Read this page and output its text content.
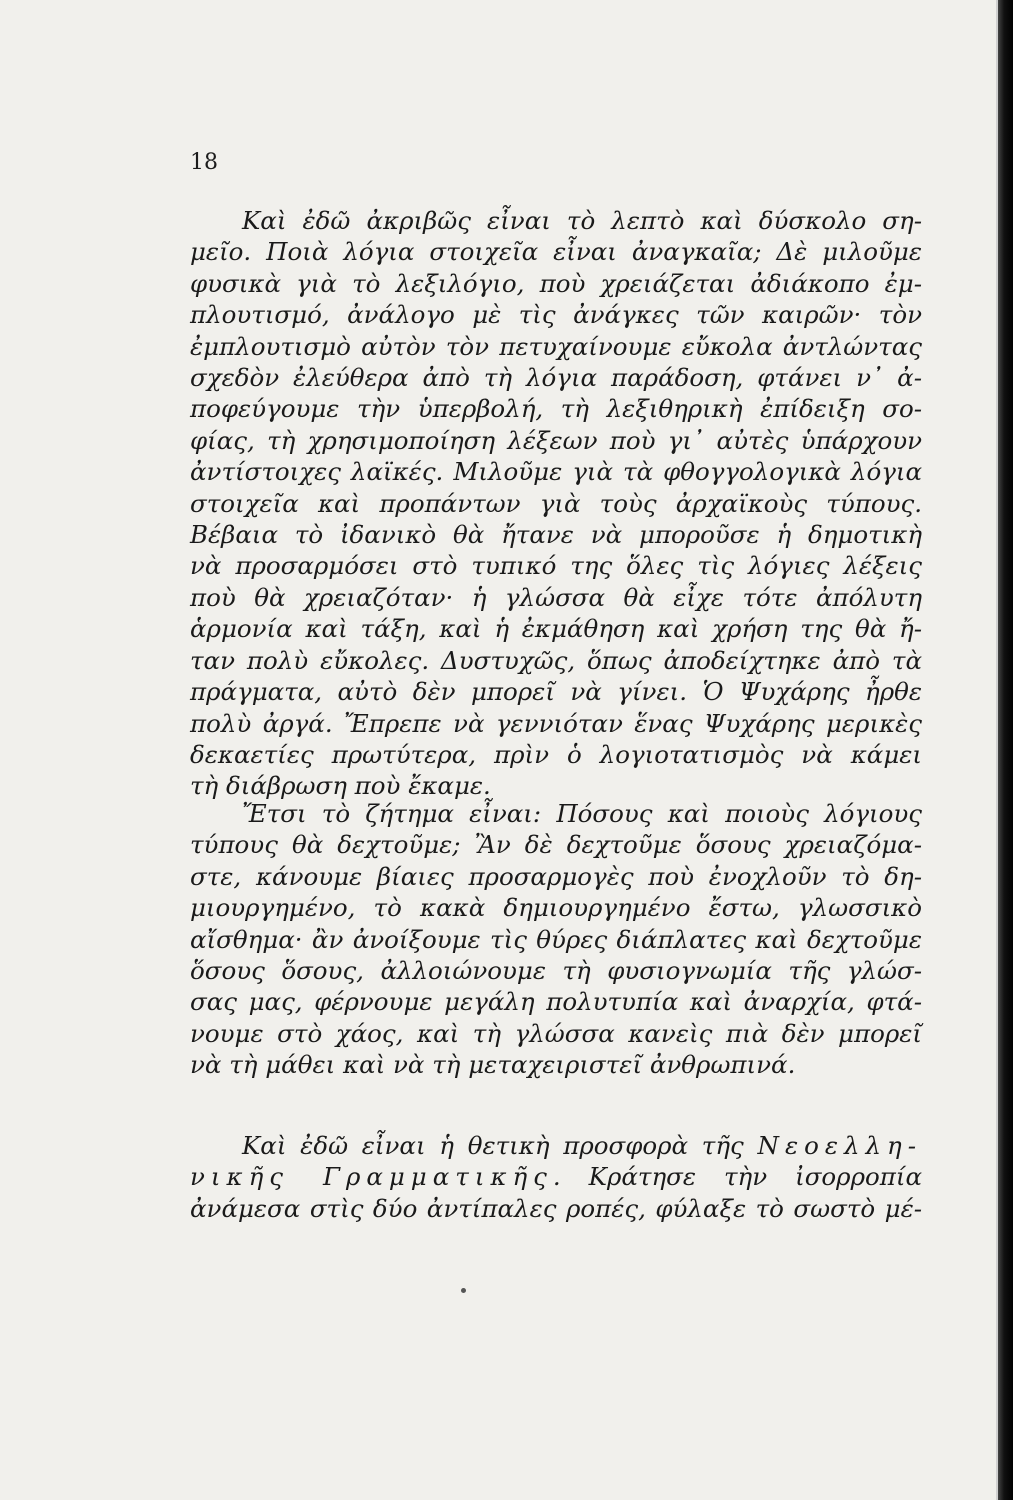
18
Καὶ ἐδῶ ἀκριβῶς εἶναι τὸ λεπτὸ καὶ δύσκολο ση-
μεῖο. Ποιὰ λόγια στοιχεῖα εἶναι ἀναγκαῖα; Δὲ μιλοῦμε
φυσικὰ γιὰ τὸ λεξιλόγιο, ποὺ χρειάζεται ἀδιάκοπο ἐμ-
πλουτισμό, ἀνάλογο μὲ τὶς ἀνάγκες τῶν καιρῶν· τὸν
ἐμπλουτισμὸ αὐτὸν τὸν πετυχαίνουμε εὔκολα ἀντλώντας
σχεδὸν ἐλεύθερα ἀπὸ τὴ λόγια παράδοση, φτάνει ν᾽ ἀ-
ποφεύγουμε τὴν ὑπερβολή, τὴ λεξιθηρικὴ ἐπίδειξη σο-
φίας, τὴ χρησιμοποίηση λέξεων ποὺ γι᾽ αὐτὲς ὑπάρχουν
ἀντίστοιχες λαϊκές. Μιλοῦμε γιὰ τὰ φθογγολογικὰ λόγια
στοιχεῖα καὶ προπάντων γιὰ τοὺς ἀρχαϊκοὺς τύπους.
Βέβαια τὸ ἰδανικὸ θὰ ἤτανε νὰ μποροῦσε ἡ δημοτικὴ
νὰ προσαρμόσει στὸ τυπικό της ὅλες τὶς λόγιες λέξεις
ποὺ θὰ χρειαζόταν· ἡ γλώσσα θὰ εἶχε τότε ἀπόλυτη
ἁρμονία καὶ τάξη, καὶ ἡ ἐκμάθηση καὶ χρήση της θὰ ἤ-
ταν πολὺ εὔκολες. Δυστυχῶς, ὅπως ἀποδείχτηκε ἀπὸ τὰ
πράγματα, αὐτὸ δὲν μπορεῖ νὰ γίνει. Ὁ Ψυχάρης ἦρθε
πολὺ ἀργά. Ἔπρεπε νὰ γεννιόταν ἕνας Ψυχάρης μερικὲς
δεκαετίες πρωτύτερα, πρὶν ὁ λογιοτατισμὸς νὰ κάμει
τὴ διάβρωση ποὺ ἔκαμε.
Ἔτσι τὸ ζήτημα εἶναι: Πόσους καὶ ποιοὺς λόγιους
τύπους θὰ δεχτοῦμε; Ἂν δὲ δεχτοῦμε ὅσους χρειαζόμα-
στε, κάνουμε βίαιες προσαρμογὲς ποὺ ἐνοχλοῦν τὸ δη-
μιουργημένο, τὸ κακὰ δημιουργημένο ἔστω, γλωσσικὸ
αἴσθημα· ἂν ἀνοίξουμε τὶς θύρες διάπλατες καὶ δεχτοῦμε
ὅσους ὅσους, ἀλλοιώνουμε τὴ φυσιογνωμία τῆς γλώσ-
σας μας, φέρνουμε μεγάλη πολυτυπία καὶ ἀναρχία, φτά-
νουμε στὸ χάος, καὶ τὴ γλώσσα κανεὶς πιὰ δὲν μπορεῖ
νὰ τὴ μάθει καὶ νὰ τὴ μεταχειριστεῖ ἀνθρωπινά.
Καὶ ἐδῶ εἶναι ἡ θετικὴ προσφορὰ τῆς Νεοελλη-
νικῆς Γραμματικῆς. Κράτησε τὴν ἰσορροπία
ἀνάμεσα στὶς δύο ἀντίπαλες ροπές, φύλαξε τὸ σωστὸ μέ-
